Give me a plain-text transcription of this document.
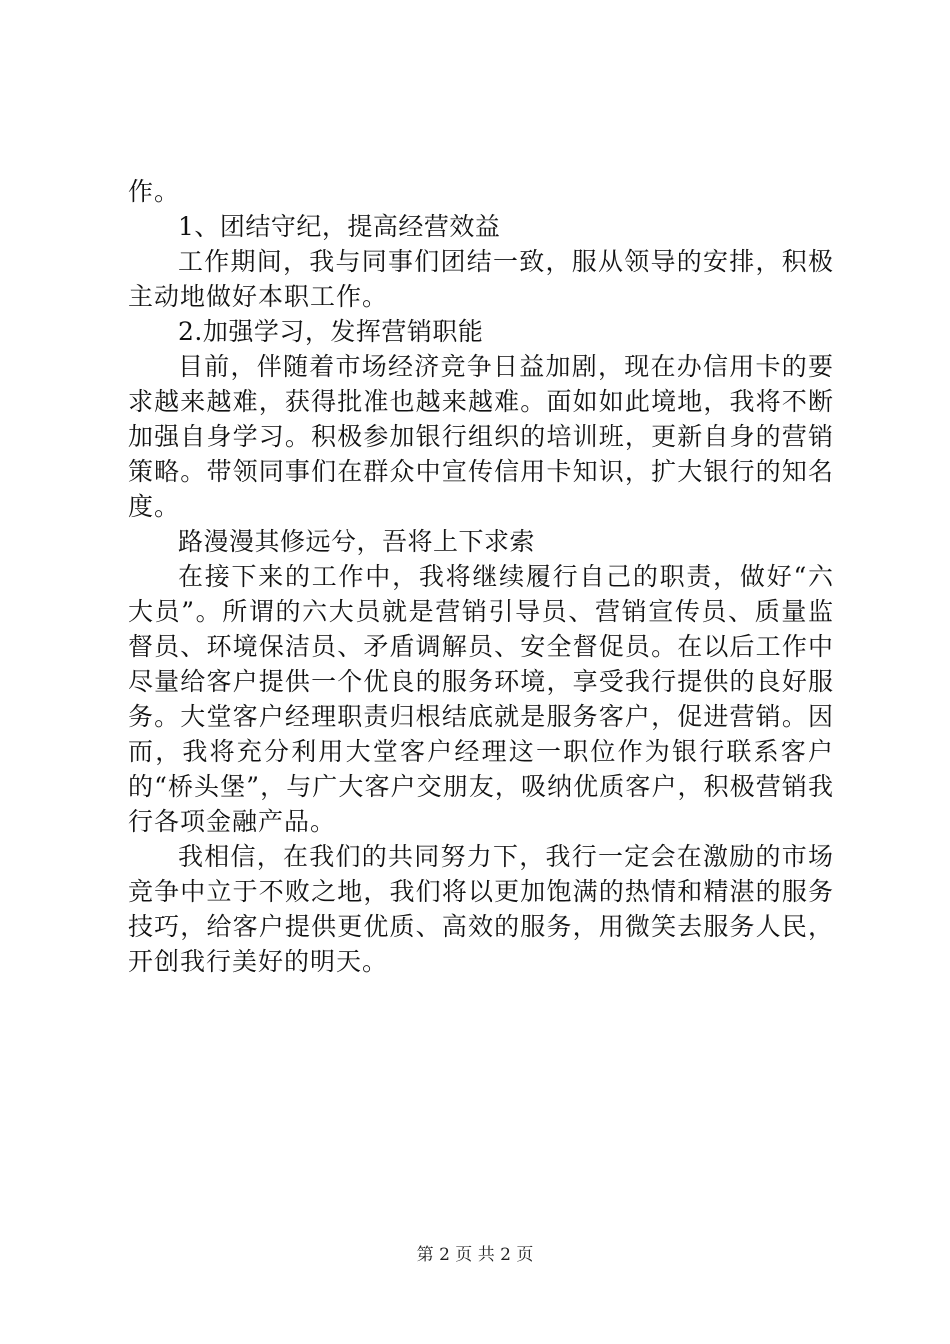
作。

1、团结守纪，提高经营效益

工作期间，我与同事们团结一致，服从领导的安排，积极主动地做好本职工作。

2.加强学习，发挥营销职能

目前，伴随着市场经济竞争日益加剧，现在办信用卡的要求越来越难，获得批准也越来越难。面如如此境地，我将不断加强自身学习。积极参加银行组织的培训班，更新自身的营销策略。带领同事们在群众中宣传信用卡知识，扩大银行的知名度。

路漫漫其修远兮，吾将上下求索

在接下来的工作中，我将继续履行自己的职责，做好“六大员”。所谓的六大员就是营销引导员、营销宣传员、质量监督员、环境保洁员、矛盾调解员、安全督促员。在以后工作中尽量给客户提供一个优良的服务环境，享受我行提供的良好服务。大堂客户经理职责归根结底就是服务客户，促进营销。因而，我将充分利用大堂客户经理这一职位作为银行联系客户的“桥头堡”，与广大客户交朋友，吸纳优质客户，积极营销我行各项金融产品。

我相信，在我们的共同努力下，我行一定会在激励的市场竞争中立于不败之地，我们将以更加饱满的热情和精湛的服务技巧，给客户提供更优质、高效的服务，用微笑去服务人民，开创我行美好的明天。

第 2 页 共 2 页
